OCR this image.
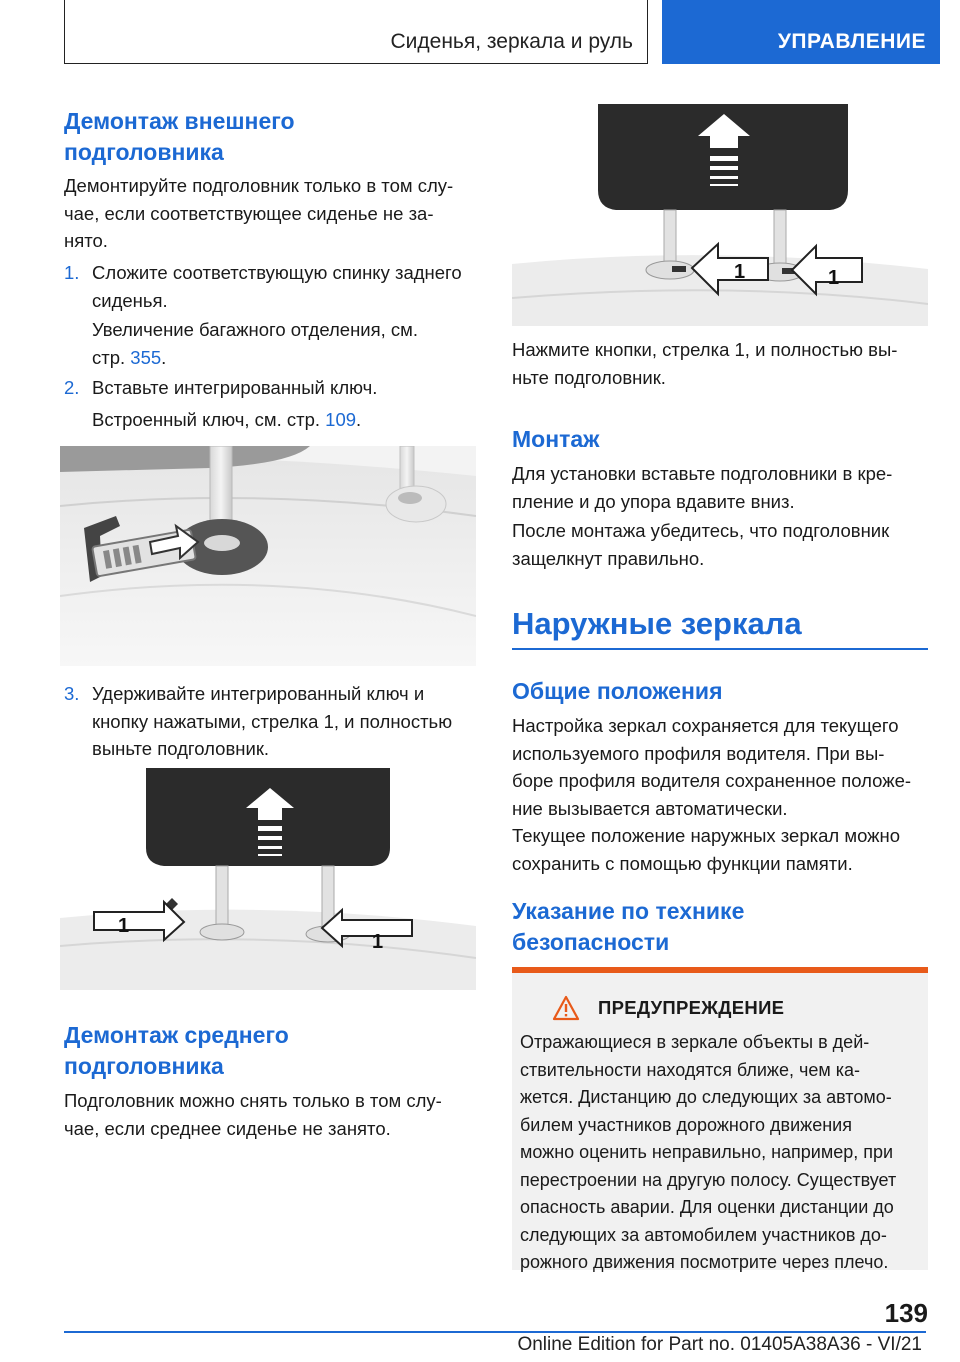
Сиденья, зеркала и руль	УПРАВЛЕНИЕ
Демонтаж внешнего
подголовника
Демонтируйте подголовник только в том слу-
чае, если соответствующее сиденье не за-
нято.
1. Сложите соответствующую спинку заднего
сиденья.
Увеличение багажного отделения, см.
стр. 355.
2. Вставьте интегрированный ключ.
Встроенный ключ, см. стр. 109.
3. Удерживайте интегрированный ключ и
кнопку нажатыми, стрелка 1, и полностью
выньте подголовник.
1
1
Демонтаж среднего
подголовника
Подголовник можно снять только в том слу-
чае, если среднее сиденье не занято.
1	1
Нажмите кнопки, стрелка 1, и полностью вы-
ньте подголовник.
Монтаж
Для установки вставьте подголовники в кре-
пление и до упора вдавите вниз.
После монтажа убедитесь, что подголовник
защелкнут правильно.
Наружные зеркала
Общие положения
Настройка зеркал сохраняется для текущего
используемого профиля водителя. При вы-
боре профиля водителя сохраненное положе-
ние вызывается автоматически.
Текущее положение наружных зеркал можно
сохранить с помощью функции памяти.
Указание по технике
безопасности
ПРЕДУПРЕЖДЕНИЕ
Отражающиеся в зеркале объекты в дей-
ствительности находятся ближе, чем ка-
жется. Дистанцию до следующих за автомо-
билем участников дорожного движения
можно оценить неправильно, например, при
перестроении на другую полосу. Существует
опасность аварии. Для оценки дистанции до
следующих за автомобилем участников до-
рожного движения посмотрите через плечо.
139
Online Edition for Part no. 01405A38A36 - VI/21
